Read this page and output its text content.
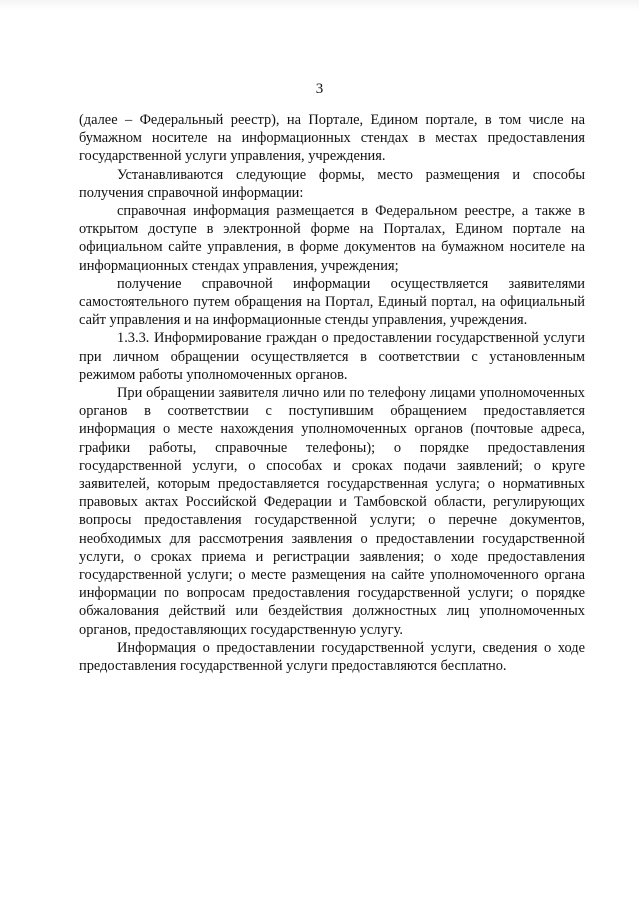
3

(далее – Федеральный реестр), на Портале, Едином портале, в том числе на бумажном носителе на информационных стендах в местах предоставления государственной услуги управления, учреждения.

Устанавливаются следующие формы, место размещения и способы получения справочной информации:

справочная информация размещается в Федеральном реестре, а также в открытом доступе в электронной форме на Порталах, Едином портале на официальном сайте управления, в форме документов на бумажном носителе на информационных стендах управления, учреждения;

получение справочной информации осуществляется заявителями самостоятельного путем обращения на Портал, Единый портал, на официальный сайт управления и на информационные стенды управления, учреждения.

1.3.3. Информирование граждан о предоставлении государственной услуги при личном обращении осуществляется в соответствии с установленным режимом работы уполномоченных органов.

При обращении заявителя лично или по телефону лицами уполномоченных органов в соответствии с поступившим обращением предоставляется информация о месте нахождения уполномоченных органов (почтовые адреса, графики работы, справочные телефоны); о порядке предоставления государственной услуги, о способах и сроках подачи заявлений; о круге заявителей, которым предоставляется государственная услуга; о нормативных правовых актах Российской Федерации и Тамбовской области, регулирующих вопросы предоставления государственной услуги; о перечне документов, необходимых для рассмотрения заявления о предоставлении государственной услуги, о сроках приема и регистрации заявления; о ходе предоставления государственной услуги; о месте размещения на сайте уполномоченного органа информации по вопросам предоставления государственной услуги; о порядке обжалования действий или бездействия должностных лиц уполномоченных органов, предоставляющих государственную услугу.

Информация о предоставлении государственной услуги, сведения о ходе предоставления государственной услуги предоставляются бесплатно.
